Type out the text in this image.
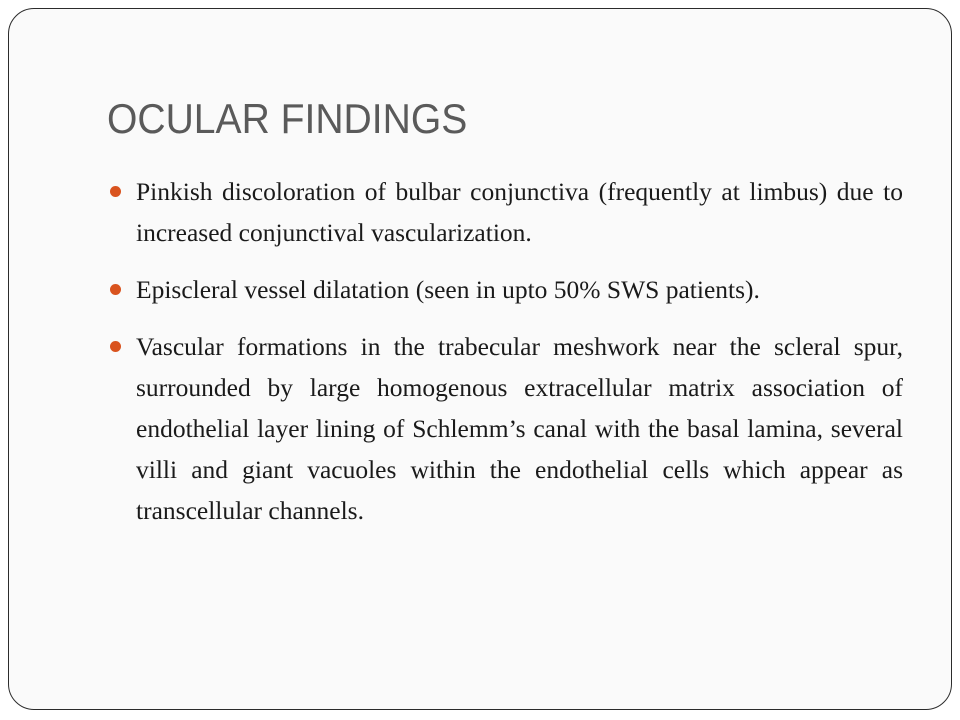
OCULAR FINDINGS
Pinkish discoloration of bulbar conjunctiva (frequently at limbus) due to increased conjunctival vascularization.
Episcleral vessel dilatation (seen in upto 50% SWS patients).
Vascular formations in the trabecular meshwork near the scleral spur, surrounded by large homogenous extracellular matrix association of endothelial layer lining of Schlemm’s canal with the basal lamina, several villi and giant vacuoles within the endothelial cells which appear as transcellular channels.
